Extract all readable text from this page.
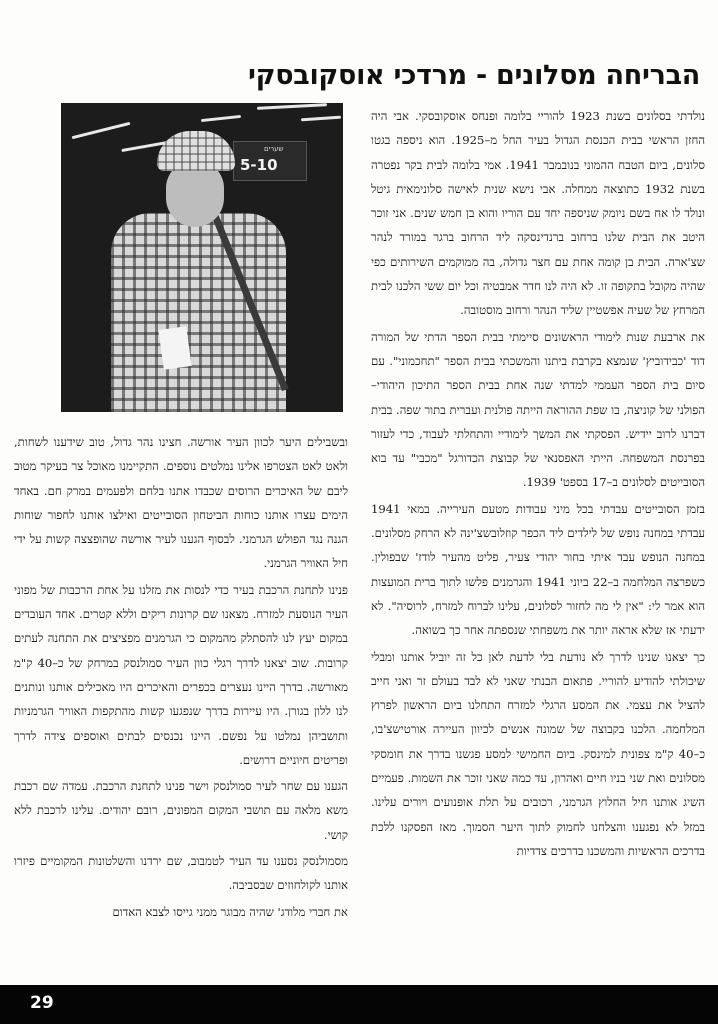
הבריחה מסלונים - מרדכי אוסקובסקי
שערים
5-10

נולדתי בסלונים בשנת 1923 להוריי בלומה ופנחס אוסקובסקי. אבי היה החזן הראשי בבית הכנסת הגדול בעיר החל מ–1925. הוא ניספה בגטו סלונים, ביום הטבח ההמוני בנובמבר 1941. אמי בלומה לבית בקר נפטרה בשנת 1932 כתוצאה ממחלה. אבי נישא שנית לאישה סלונימאית גיטל ונולד לו אח בשם ניומק שניספה יחד עם הוריו והוא בן חמש שנים. אני זוכר היטב את הבית שלנו ברחוב ברנדינסקה ליד הרחוב ברגר במורד לנהר שצ'ארה. הבית בן קומה אחת עם חצר גדולה, בה ממוקמים השירותים כפי שהיה מקובל בתקופה זו. לא היה לנו חדר אמבטיה וכל יום ששי הלכנו לבית המרחץ של שעיה אפשטיין שליד הנהר ורחוב מוסטובה.

את ארבעת שנות לימודי הראשונים סיימתי בבית הספר הדתי של המורה דוד 'כבידוביץ' שנמצא בקרבת ביתנו והמשכתי בבית הספר "תחכמוני". עם סיום בית הספר העממי למדתי שנה אחת בבית הספר התיכון היהודי– הפולני של קוניצה, בו שפת ההוראה הייתה פולנית ועברית בתור שפה. בבית דברנו לרוב יידיש. הפסקתי את המשך לימודיי והתחלתי לעבוד, כדי לעזור בפרנסת המשפחה. הייתי האפסנאי של קבוצת הכדורגל "מכבי" עד בוא הסובייטים לסלונים ב–17 בספט' 1939.

בזמן הסובייטים עבדתי בכל מיני עבודות מטעם העירייה. במאי 1941 עבדתי במחנה נופש של לילדים ליד הכפר קוזלובשצ'ינה לא הרחק מסלונים. במחנה הנופש עבד איתי בחור יהודי צעיר, פליט מהעיר לודז' שבפולין. כשפרצה המלחמה ב–22 ביוני 1941 והגרמנים פלשו לתוך ברית המועצות הוא אמר לי: "אין לי מה לחזור לסלונים, עלינו לברוח למזרח, לרוסיה". לא ידעתי אז שלא אראה יותר את משפחתי שנספתה אחר כך בשואה.

כך יצאנו שנינו לדרך לא נודעת בלי לדעת לאן כל זה יוביל אותנו ומבלי שיכולתי להודיע להוריי. פתאום הבנתי שאני לא לבד בעולם זר ואני חייב להציל את עצמי. את המסע הרגלי למזרח התחלנו ביום הראשון לפרוץ המלחמה. הלכנו בקבוצה של שמונה אנשים לכיוון העיירה אורטישצ'בו, כ–40 ק"מ צפונית למינסק. ביום החמישי למסע פגשנו בדרך את חומסקי מסלונים ואת שני בניו חיים ואהרון, עד כמה שאני זוכר את השמות. פעמיים השיג אותנו חיל החלוץ הגרמני, רכובים על תלת אופנועים ויורים עלינו. במזל לא נפגענו והצלחנו לחמוק לתוך היער הסמוך. מאז הפסקנו ללכת בדרכים הראשיות והמשכנו בדרכים צדדיות

ובשבילים היער לכוון העיר אורשה. חצינו נהר גדול, טוב שידענו לשחות, ולאט לאט הצטרפו אלינו נמלטים נוספים. התקיימנו מאוכל צר בעיקר מטוב ליבם של האיכרים הרוסים שכבדו אתנו בלחם ולפעמים במרק חם. באחד הימים עצרו אותנו כוחות הביטחון הסובייטים ואילצו אותנו לחפור שוחות הגנה נגד הפולש הגרמני. לבסוף הגענו לעיר אורשה שהופצצה קשות על ידי חיל האוויר הגרמני.

פנינו לתחנת הרכבת בעיר כדי לנסות את מזלנו על אחת הרכבות של מפוני העיר הנוסעת למזרח. מצאנו שם קרונות ריקים וללא קטרים. אחד העובדים במקום יעץ לנו להסתלק מהמקום כי הגרמנים מפציצים את התחנה לעתים קרובות. שוב יצאנו לדרך רגלי כוון העיר סמולנסק במרחק של כ–40 ק"מ מאורשה. בדרך היינו נעצרים בכפרים והאיכרים היו מאכילים אותנו ונותנים לנו ללון בגורן. היו עיירות בדרך שנפגעו קשות מהתקפות האוויר הגרמניות ותושביהן נמלטו על נפשם. היינו נכנסים לבתים ואוספים צידה לדרך ופריטים חיוניים דרושים.

הגענו עם שחר לעיר סמולנסק וישר פנינו לתחנת הרכבת. עמדה שם רכבת משא מלאה עם תושבי המקום המפונים, רובם יהודים. עלינו לרכבת ללא קושי.

מסמולנסק נסענו עד העיר לטמבוב, שם ירדנו והשלטונות המקומיים פיזרו אותנו לקולחוזים שבסביבה.

את חברי מלודג' שהיה מבוגר ממני גייסו לצבא האדום

29
